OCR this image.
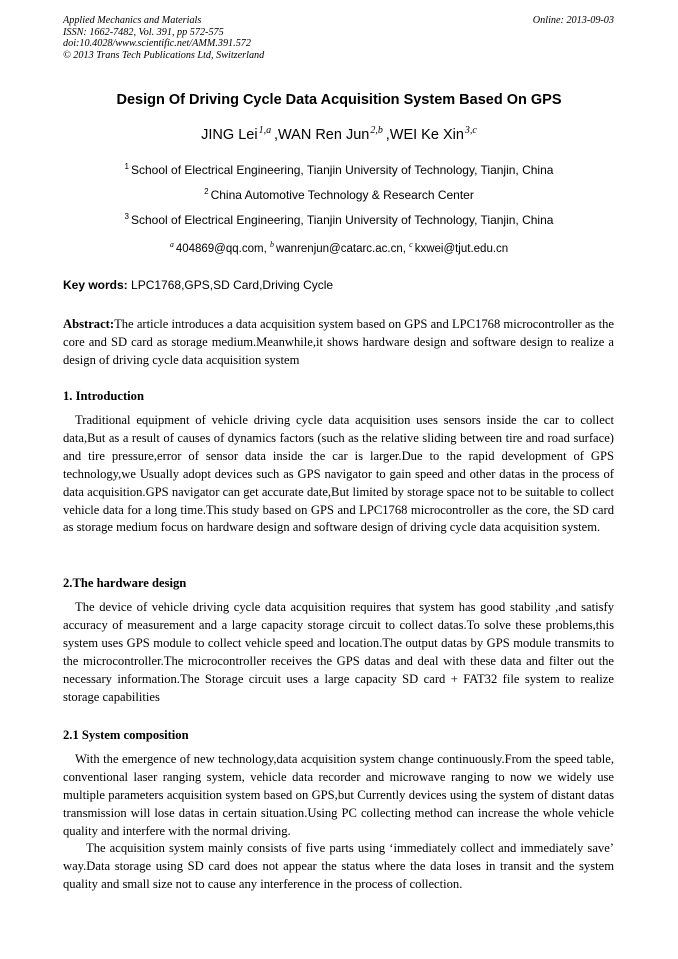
Applied Mechanics and Materials
ISSN: 1662-7482, Vol. 391, pp 572-575
doi:10.4028/www.scientific.net/AMM.391.572
© 2013 Trans Tech Publications Ltd, Switzerland
Online: 2013-09-03
Design Of Driving Cycle Data Acquisition System Based On GPS
JING Lei$^{1,a}$ ,WAN Ren Jun$^{2,b}$ ,WEI Ke Xin$^{3,c}$
$^1$ School of Electrical Engineering, Tianjin University of Technology, Tianjin, China
$^2$ China Automotive Technology & Research Center
$^3$ School of Electrical Engineering, Tianjin University of Technology, Tianjin, China
$^a$ 404869@qq.com, $^b$ wanrenjun@catarc.ac.cn, $^c$ kxwei@tjut.edu.cn
Key words: LPC1768,GPS,SD Card,Driving Cycle
Abstract:The article introduces a data acquisition system based on GPS and LPC1768 microcontroller as the core and SD card as storage medium.Meanwhile,it shows hardware design and software design to realize a design of driving cycle data acquisition system
1. Introduction
Traditional equipment of vehicle driving cycle data acquisition uses sensors inside the car to collect data,But as a result of causes of dynamics factors (such as the relative sliding between tire and road surface) and tire pressure,error of sensor data inside the car is larger.Due to the rapid development of GPS technology,we Usually adopt devices such as GPS navigator to gain speed and other datas in the process of data acquisition.GPS navigator can get accurate date,But limited by storage space not to be suitable to collect vehicle data for a long time.This study based on GPS and LPC1768 microcontroller as the core, the SD card as storage medium focus on hardware design and software design of driving cycle data acquisition system.
2.The hardware design
The device of vehicle driving cycle data acquisition requires that system has good stability ,and satisfy accuracy of measurement and a large capacity storage circuit to collect datas.To solve these problems,this system uses GPS module to collect vehicle speed and location.The output datas by GPS module transmits to the microcontroller.The microcontroller receives the GPS datas and deal with these data and filter out the necessary information.The Storage circuit uses a large capacity SD card + FAT32 file system to realize storage capabilities
2.1 System composition
With the emergence of new technology,data acquisition system change continuously.From the speed table, conventional laser ranging system, vehicle data recorder and microwave ranging to now we widely use multiple parameters acquisition system based on GPS,but Currently devices using the system of distant datas transmission will lose datas in certain situation.Using PC collecting method can increase the whole vehicle quality and interfere with the normal driving.
The acquisition system mainly consists of five parts using ‘immediately collect and immediately save’ way.Data storage using SD card does not appear the status where the data loses in transit and the system quality and small size not to cause any interference in the process of collection.
